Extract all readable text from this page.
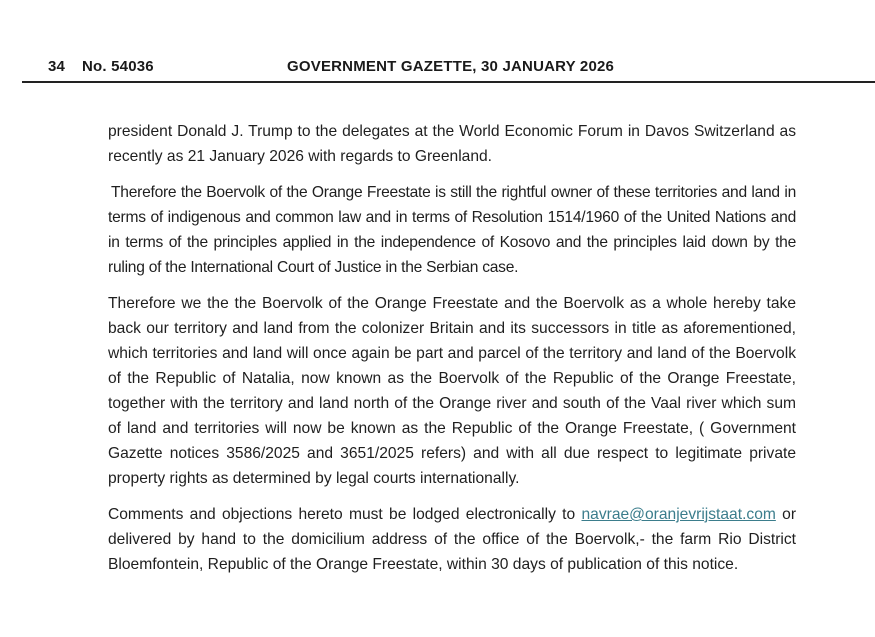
34 No. 54036	GOVERNMENT GAZETTE, 30 JANUARY 2026

president Donald J. Trump to the delegates at the World Economic Forum in Davos Switzerland as recently as 21 January 2026 with regards to Greenland.

Therefore the Boervolk of the Orange Freestate is still the rightful owner of these territories and land in terms of indigenous and common law and in terms of Resolution 1514/1960 of the United Nations and in terms of the principles applied in the independence of Kosovo and the principles laid down by the ruling of the International Court of Justice in the Serbian case.

Therefore we the the Boervolk of the Orange Freestate and the Boervolk as a whole hereby take back our territory and land from the colonizer Britain and its successors in title as aforementioned, which territories and land will once again be part and parcel of the territory and land of the Boervolk of the Republic of Natalia, now known as the Boervolk of the Republic of the Orange Freestate, together with the territory and land north of the Orange river and south of the Vaal river which sum of land and territories will now be known as the Republic of the Orange Freestate, ( Government Gazette notices 3586/2025 and 3651/2025 refers) and with all due respect to legitimate private property rights as determined by legal courts internationally.

Comments and objections hereto must be lodged electronically to navrae@oranjevrijstaat.com or delivered by hand to the domicilium address of the office of the Boervolk,- the farm Rio District Bloemfontein, Republic of the Orange Freestate, within 30 days of publication of this notice.
